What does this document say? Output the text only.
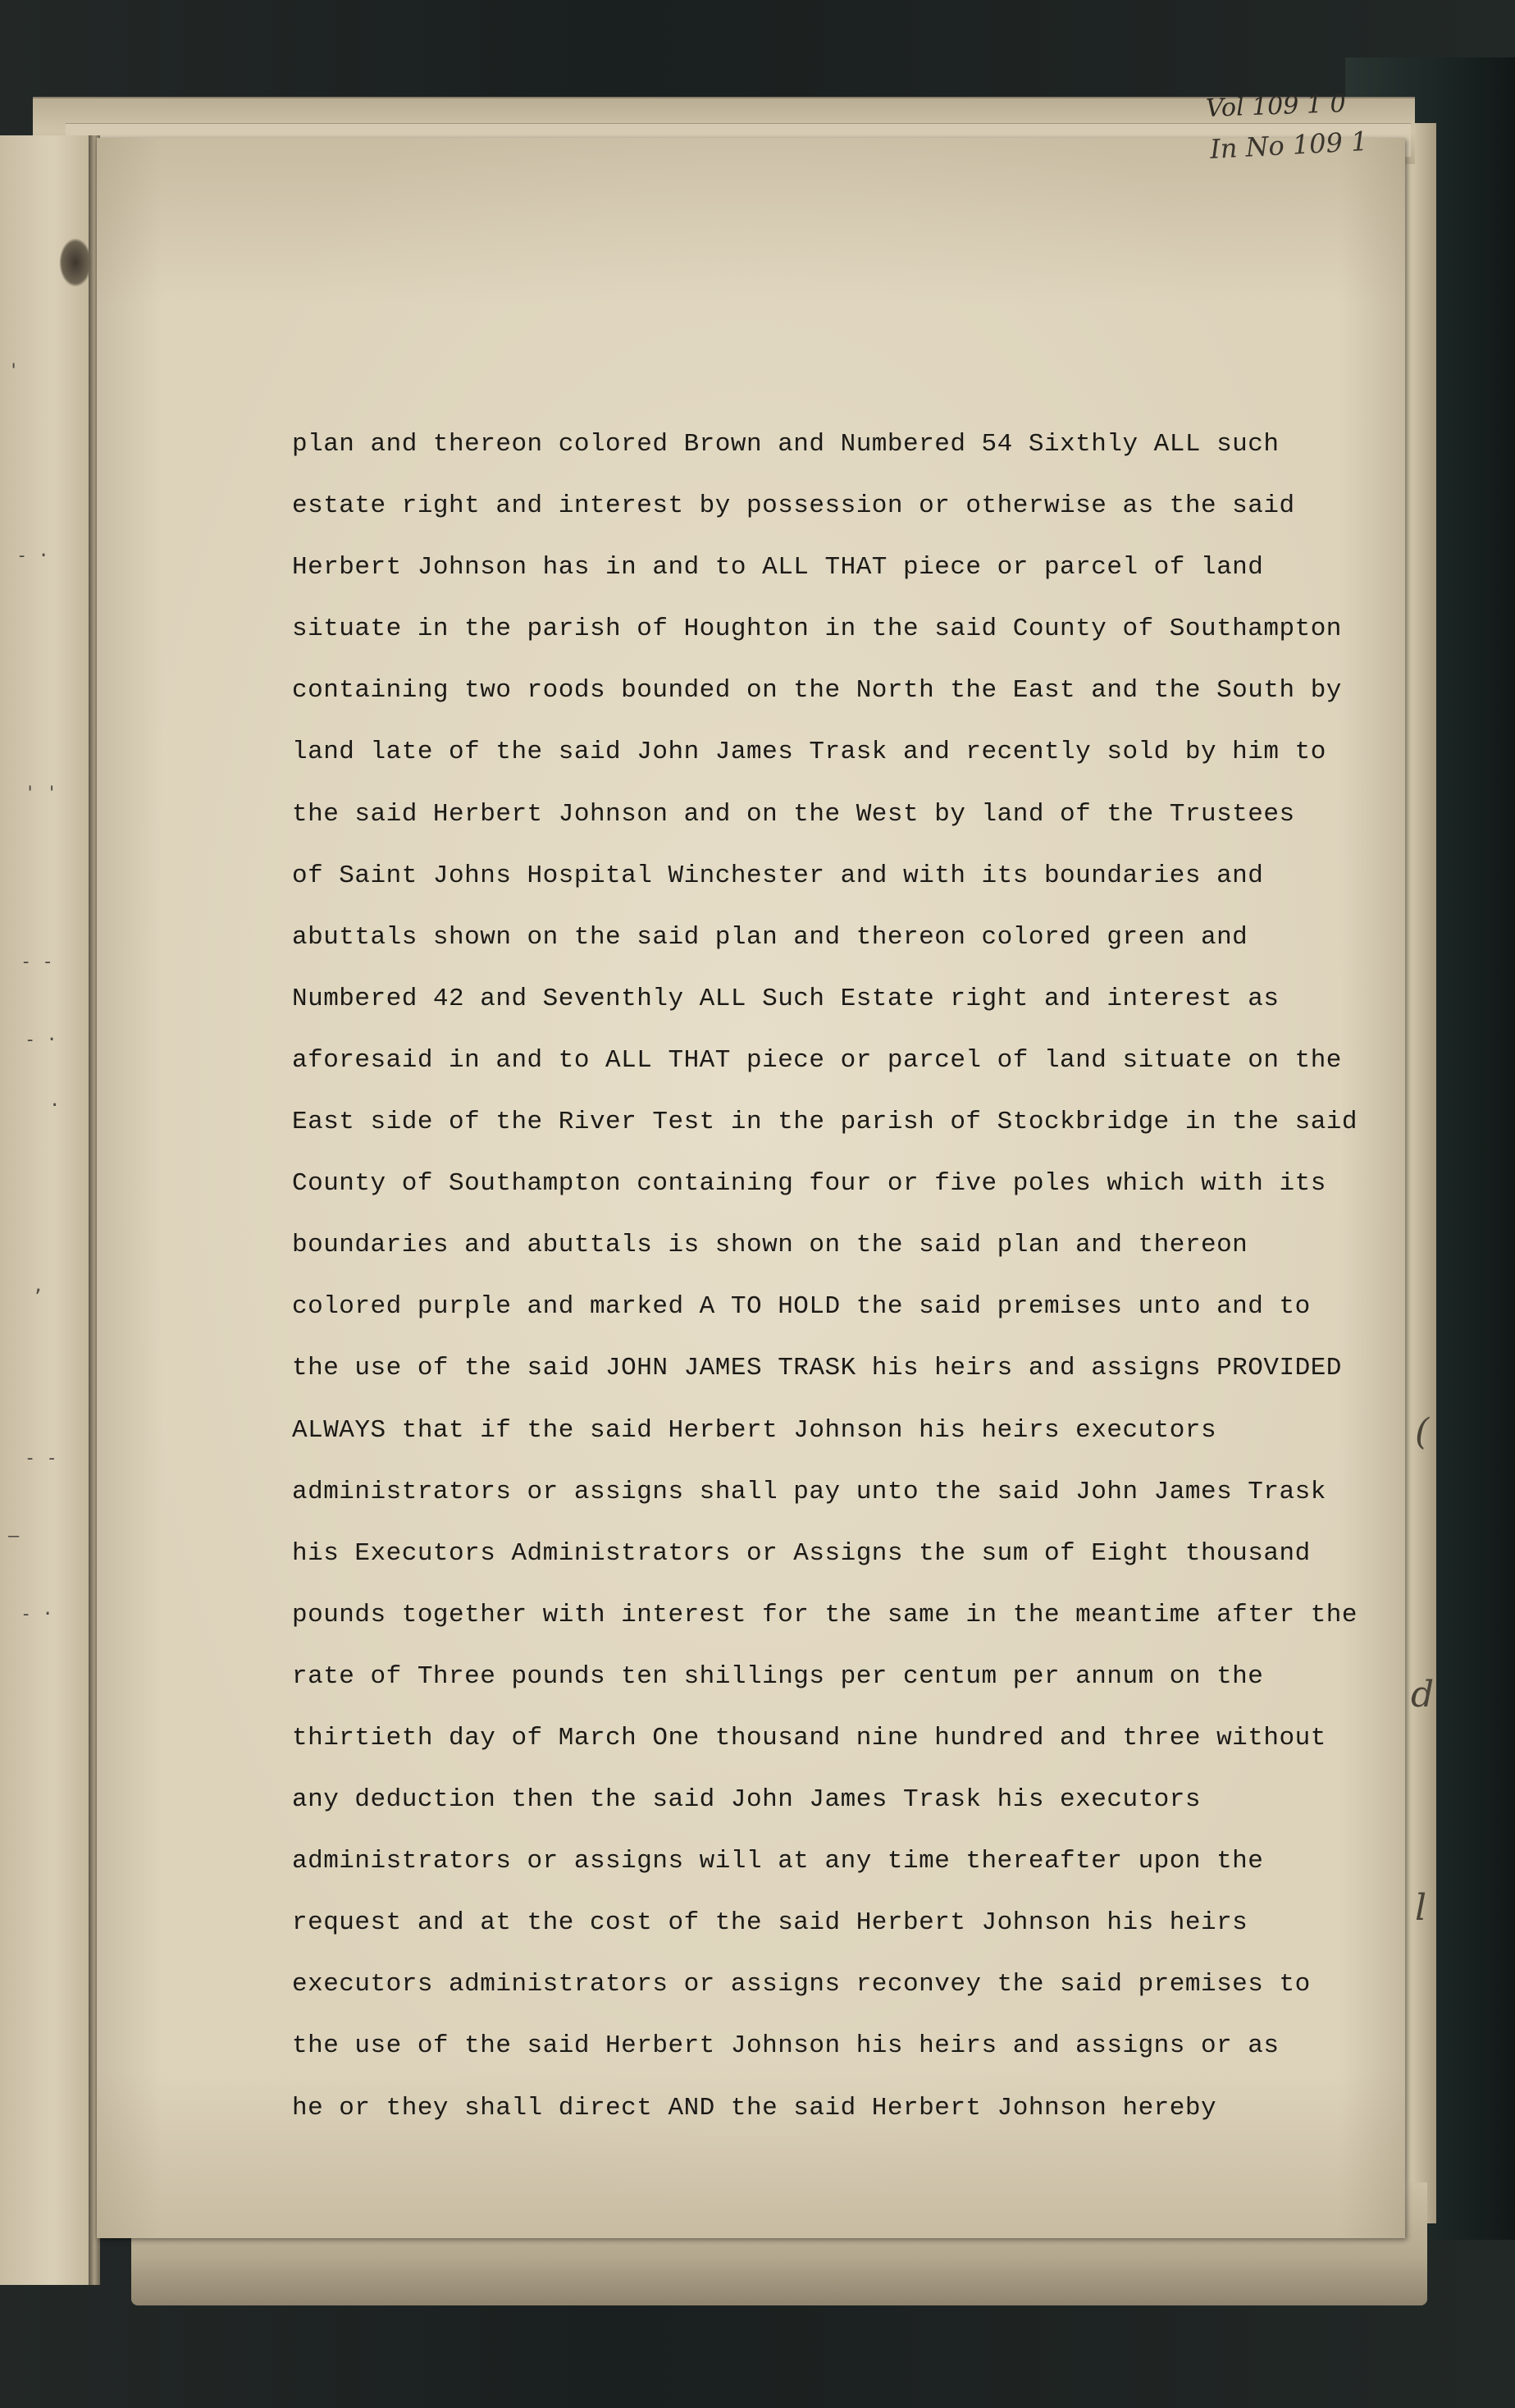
'
- ·
' '
- -
- ·
·
,
- -
—
- ·
Vol 109 1 0
In No 109 1
plan and thereon colored Brown and Numbered 54 Sixthly ALL such
estate right and interest by possession or otherwise as the said
Herbert Johnson has in and to ALL THAT piece or parcel of land
situate in the parish of Houghton in the said County of Southampton
containing two roods bounded on the North the East and the South by
land late of the said John James Trask and recently sold by him to
the said Herbert Johnson and on the West by land of the Trustees
of Saint Johns Hospital Winchester and with its boundaries and
abuttals shown on the said plan and thereon colored green and
Numbered 42 and Seventhly ALL Such Estate right and interest as
aforesaid in and to ALL THAT piece or parcel of land situate on the
East side of the River Test in the parish of Stockbridge in the said
County of Southampton containing four or five poles which with its
boundaries and abuttals is shown on the said plan and thereon
colored purple and marked A TO HOLD the said premises unto and to
the use of the said JOHN JAMES TRASK his heirs and assigns PROVIDED
ALWAYS that if the said Herbert Johnson his heirs executors
administrators or assigns shall pay unto the said John James Trask
his Executors Administrators or Assigns the sum of Eight thousand
pounds together with interest for the same in the meantime after the
rate of Three pounds ten shillings per centum per annum on the
thirtieth day of March One thousand nine hundred and three without
any deduction then the said John James Trask his executors
administrators or assigns will at any time thereafter upon the
request and at the cost of the said Herbert Johnson his heirs
executors administrators or assigns reconvey the said premises to
the use of the said Herbert Johnson his heirs and assigns or as
he or they shall direct AND the said Herbert Johnson hereby
(
d
l
